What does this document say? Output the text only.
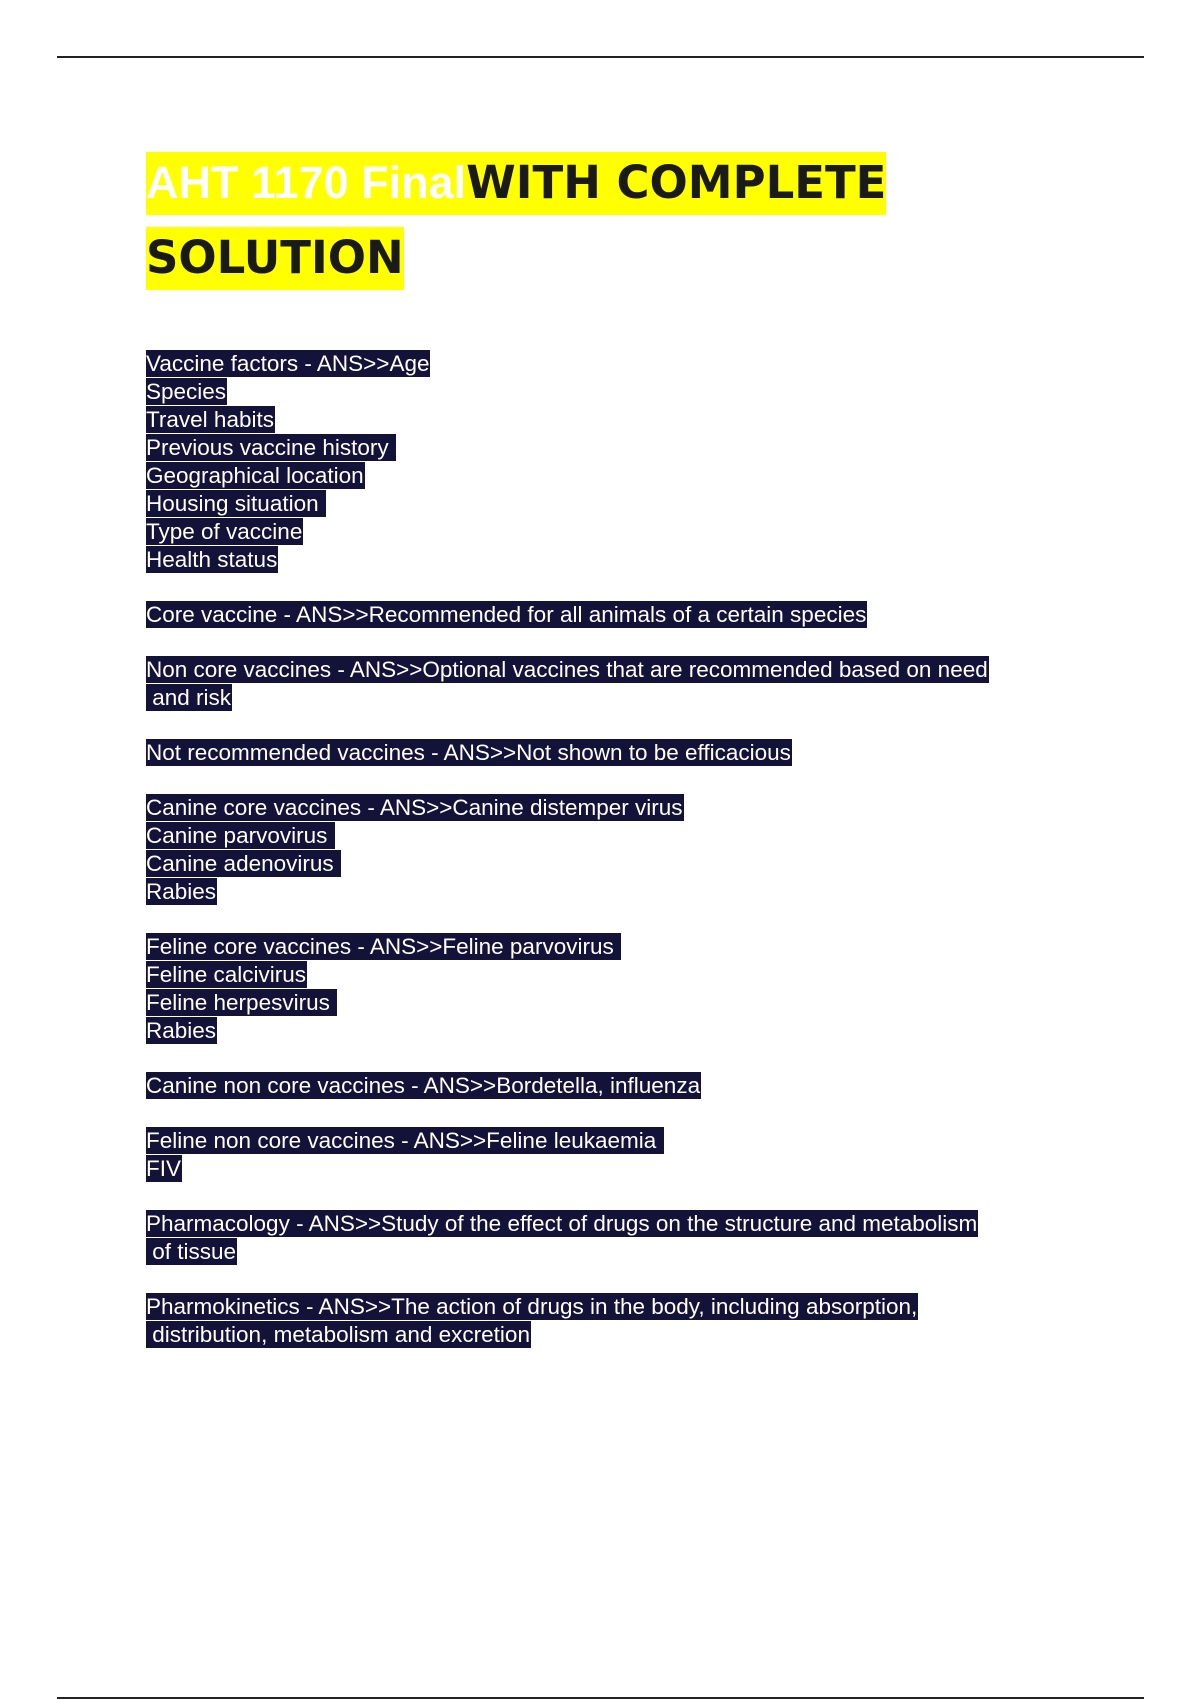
AHT 1170 FinalWITH COMPLETE
SOLUTION
Vaccine factors - ANS>>Age
Species
Travel habits
Previous vaccine history
Geographical location
Housing situation
Type of vaccine
Health status
Core vaccine - ANS>>Recommended for all animals of a certain species
Non core vaccines - ANS>>Optional vaccines that are recommended based on need
and risk
Not recommended vaccines - ANS>>Not shown to be efficacious
Canine core vaccines - ANS>>Canine distemper virus
Canine parvovirus
Canine adenovirus
Rabies
Feline core vaccines - ANS>>Feline parvovirus
Feline calcivirus
Feline herpesvirus
Rabies
Canine non core vaccines - ANS>>Bordetella, influenza
Feline non core vaccines - ANS>>Feline leukaemia
FIV
Pharmacology - ANS>>Study of the effect of drugs on the structure and metabolism
of tissue
Pharmokinetics - ANS>>The action of drugs in the body, including absorption,
distribution, metabolism and excretion
